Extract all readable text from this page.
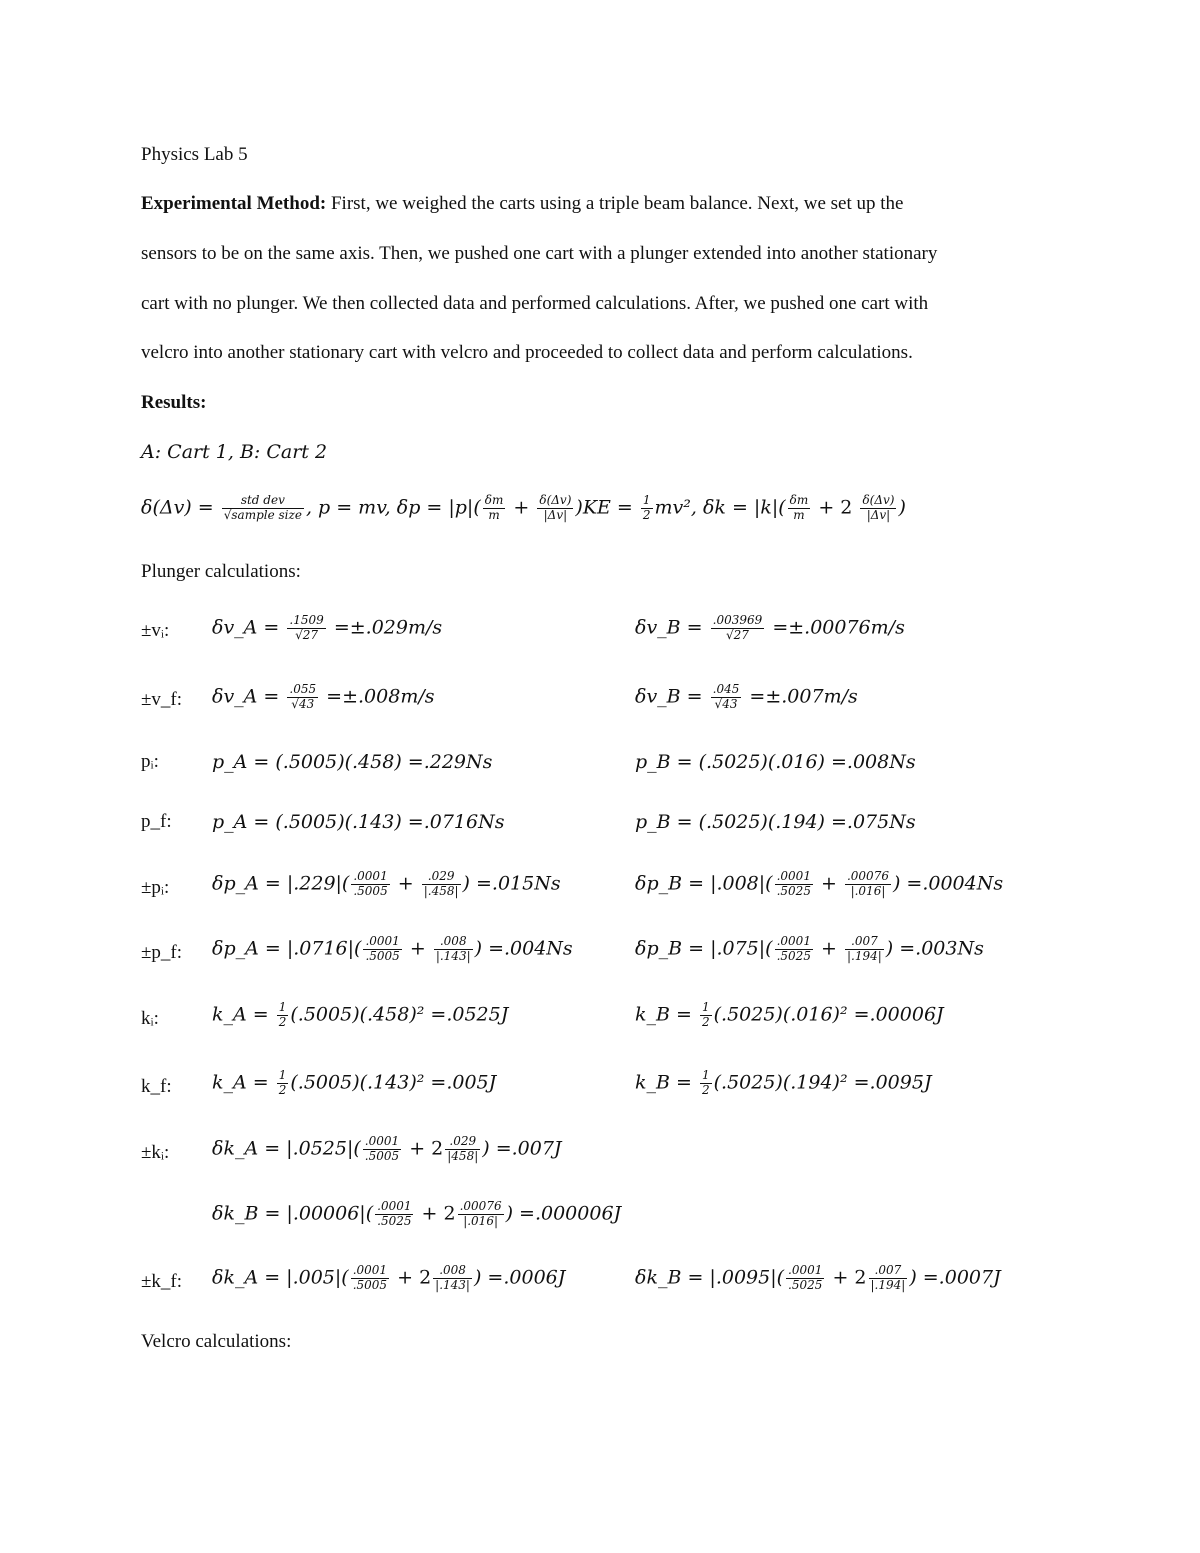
Physics Lab 5
Experimental Method: First, we weighed the carts using a triple beam balance. Next, we set up the
sensors to be on the same axis. Then, we pushed one cart with a plunger extended into another stationary
cart with no plunger. We then collected data and performed calculations. After, we pushed one cart with
velcro into another stationary cart with velcro and proceeded to collect data and perform calculations.
Results:
A: Cart 1, B: Cart 2
$\delta(\Delta v) = \frac{\text{std dev}}{\text{√sample size}}$ , p = mv, $\delta p = |p|( \frac{\delta m}{m} + \frac{\delta(\Delta v)}{|\Delta v|} )KE = \frac{1}{2} mv^2$, $\delta k = |k|( \frac{\delta m}{m} + 2 \frac{\delta(\Delta v)}{|\Delta v|}$ )
Plunger calculations:
±vᵢ: δv_A = $\frac{.1509}{√27} =\pm.029m/s$	δv_B = $\frac{.003969}{√27} =\pm.00076m/s$
±v_f: δv_A = $\frac{.055}{√43} =\pm.008m/s$	δv_B = $\frac{.045}{√43} =\pm.007m/s$
pᵢ:	p_A = (.5005)(.458) =.229Ns	p_B = (.5025)(.016) =.008Ns
p_f: p_A = (.5005)(.143) =.0716Ns	p_B = (.5025)(.194) =.075Ns
±pᵢ: δp_A = $|.229|( \frac{.0001}{.5005} + \frac{.029}{|.458|}$ ) =.015Ns	δp_B = $|.008|( \frac{.0001}{.5025} + \frac{.00076}{|.016|}$ ) =.0004Ns
±p_f: δp_A = $|.0716|( \frac{.0001}{.5005} + \frac{.008}{|.143|}$ ) =.004Ns	δp_B = $|.075|( \frac{.0001}{.5025} + \frac{.007}{|.194|}$ ) =.003Ns
kᵢ:	k_A = $\frac{1}{2} (.5005)(.458)^2 =.0525J$	k_B = $\frac{1}{2} (.5025)(.016)^2 =.00006J$
k_f: k_A = $\frac{1}{2} (.5005)(.143)^2 =.005J$	k_B = $\frac{1}{2} (.5025)(.194)^2 =.0095J$
±kᵢ: δk_A = $|.0525|( \frac{.0001}{.5005} + 2 \frac{.029}{|458|}$ ) =.007J
δk_B = $|.00006|( \frac{.0001}{.5025} + 2 \frac{.00076}{|.016|}$ ) =.000006J
±k_f: δk_A = $|.005|( \frac{.0001}{.5005} + 2 \frac{.008}{|.143|}$ ) =.0006J	δk_B = $|.0095|( \frac{.0001}{.5025} + 2 \frac{.007}{|.194|}$ ) =.0007J
Velcro calculations:
